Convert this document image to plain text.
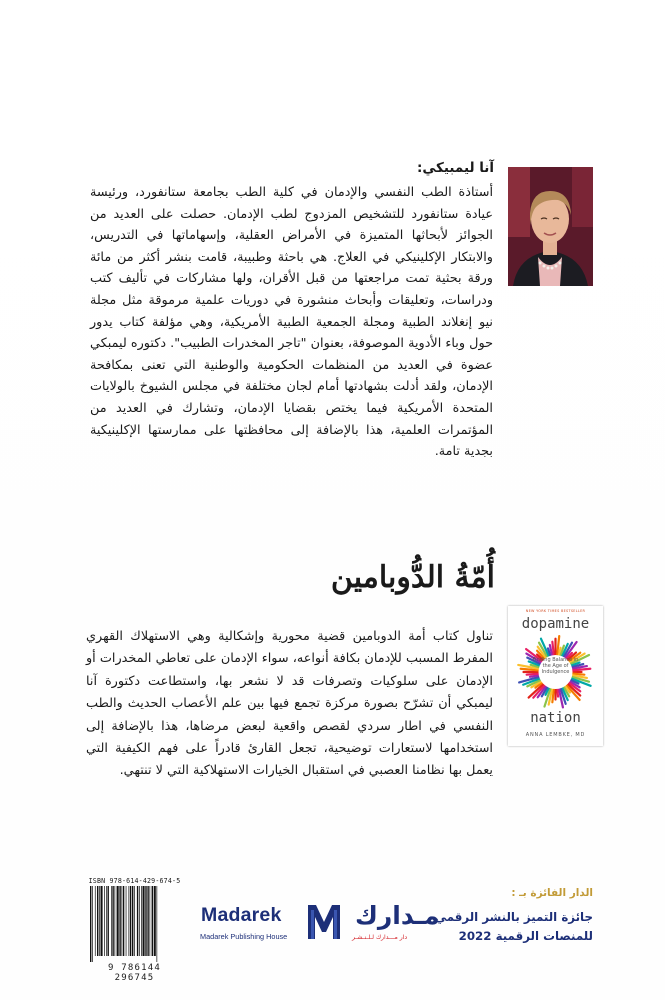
آنا ليمبيكي:

أستاذة الطب النفسي والإدمان في كلية الطب بجامعة ستانفورد، ورئيسة عيادة ستانفورد للتشخيص المزدوج لطب الإدمان. حصلت على العديد من الجوائز لأبحاثها المتميزة في الأمراض العقلية، وإسهاماتها في التدريس، والابتكار الإكلينيكي في العلاج. هي باحثة وطبيبة، قامت بنشر أكثر من مائة ورقة بحثية تمت مراجعتها من قبل الأقران، ولها مشاركات في تأليف كتب ودراسات، وتعليقات وأبحاث منشورة في دوريات علمية مرموقة مثل مجلة نيو إنغلاند الطبية ومجلة الجمعية الطبية الأمريكية، وهي مؤلفة كتاب يدور حول وباء الأدوية الموصوفة، بعنوان "تاجر المخدرات الطبيب". دكتوره ليمبكي عضوة في العديد من المنظمات الحكومية والوطنية التي تعنى بمكافحة الإدمان، ولقد أدلت بشهادتها أمام لجان مختلفة في مجلس الشيوخ بالولايات المتحدة الأمريكية فيما يختص بقضايا الإدمان، وتشارك في العديد من المؤتمرات العلمية، هذا بالإضافة إلى محافظتها على ممارستها الإكلينيكية بجدية تامة.

أُمّةُ الدُّوبامين
NEW YORK TIMES BESTSELLER
dopamine
Finding Balance in the Age of Indulgence
nation
ANNA LEMBKE, MD

تناول كتاب أمة الدوبامين قضية محورية وإشكالية وهي الاستهلاك القهري المفرط المسبب للإدمان بكافة أنواعه، سواء الإدمان على تعاطي المخدرات أو الإدمان على سلوكيات وتصرفات قد لا نشعر بها، واستطاعت دكتورة آنا ليمبكي أن تشرّح بصورة مركزة تجمع فيها بين علم الأعصاب الحديث والطب النفسي في اطار سردي لقصص واقعية لبعض مرضاها، هذا بالإضافة إلى استخدامها لاستعارات توضيحية، تجعل القارئ قادراً على فهم الكيفية التي يعمل بها نظامنا العصبي في استقبال الخيارات الاستهلاكية التي لا تنتهي.

ISBN 978-614-429-674-5
9 786144 296745
Madarek
Madarek Publishing House
مـدارك
دار مـــدارك لـلـنـشـر
الدار الفائزة بـ :

جائزة التميز بالنشر الرقمي للمنصات الرقمية 2022
